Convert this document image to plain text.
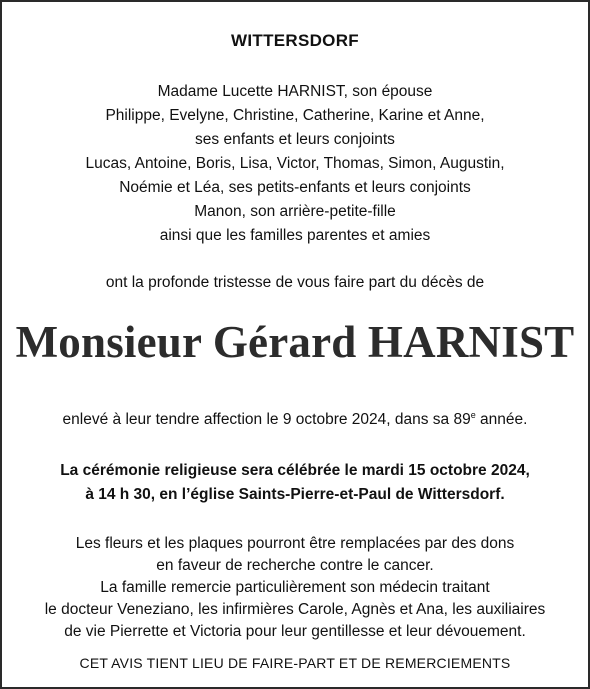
WITTERSDORF
Madame Lucette HARNIST, son épouse
Philippe, Evelyne, Christine, Catherine, Karine et Anne,
ses enfants et leurs conjoints
Lucas, Antoine, Boris, Lisa, Victor, Thomas, Simon, Augustin,
Noémie et Léa, ses petits-enfants et leurs conjoints
Manon, son arrière-petite-fille
ainsi que les familles parentes et amies
ont la profonde tristesse de vous faire part du décès de
Monsieur Gérard HARNIST
enlevé à leur tendre affection le 9 octobre 2024, dans sa 89e année.
La cérémonie religieuse sera célébrée le mardi 15 octobre 2024,
à 14 h 30, en l’église Saints-Pierre-et-Paul de Wittersdorf.
Les fleurs et les plaques pourront être remplacées par des dons
en faveur de recherche contre le cancer.
La famille remercie particulièrement son médecin traitant
le docteur Veneziano, les infirmières Carole, Agnès et Ana, les auxiliaires
de vie Pierrette et Victoria pour leur gentillesse et leur dévouement.
CET AVIS TIENT LIEU DE FAIRE-PART ET DE REMERCIEMENTS
